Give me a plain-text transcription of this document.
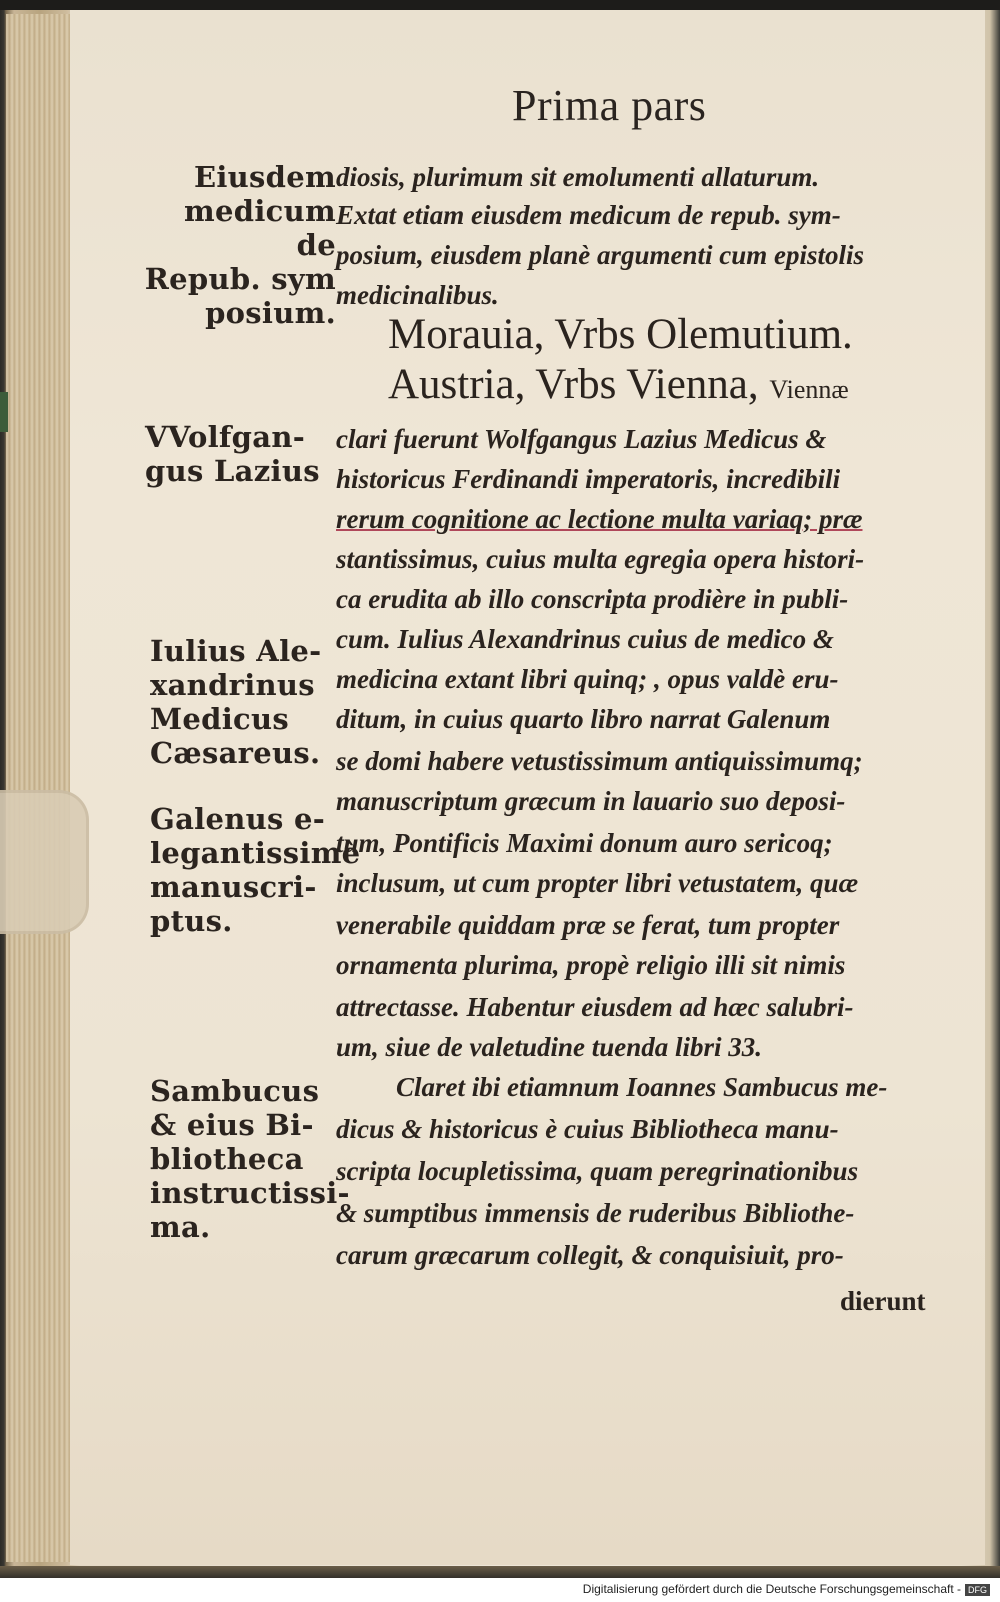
Prima pars
Eiusdem
medicum de
Repub. sym
posium.
VVolfgan-
gus Lazius
Iulius Ale-
xandrinus
Medicus
Cæsareus.
Galenus e-
legantissimè
manuscri-
ptus.
Sambucus
& eius Bi-
bliotheca
instructissi-
ma.
diosis, plurimum sit emolumenti allaturum.
Extat etiam eiusdem medicum de repub. sym-
posium, eiusdem planè argumenti cum epistolis
medicinalibus.
Morauia, Vrbs Olemutium.
Austria, Vrbs Vienna, Viennæ
clari fuerunt Wolfgangus Lazius Medicus &
historicus Ferdinandi imperatoris, incredibili
rerum cognitione ac lectione multa variaq; præ
stantissimus, cuius multa egregia opera histori-
ca erudita ab illo conscripta prodière in publi-
cum. Iulius Alexandrinus cuius de medico &
medicina extant libri quinq; , opus valdè eru-
ditum, in cuius quarto libro narrat Galenum
se domi habere vetustissimum antiquissimumq;
manuscriptum græcum in lauario suo deposi-
tum, Pontificis Maximi donum auro sericoq;
inclusum, ut cum propter libri vetustatem, quæ
venerabile quiddam præ se ferat, tum propter
ornamenta plurima, propè religio illi sit nimis
attrectasse. Habentur eiusdem ad hæc salubri-
um, siue de valetudine tuenda libri 33.
Claret ibi etiamnum Ioannes Sambucus me-
dicus & historicus è cuius Bibliotheca manu-
scripta locupletissima, quam peregrinationibus
& sumptibus immensis de ruderibus Bibliothe-
carum græcarum collegit, & conquisiuit, pro-
dierunt
Digitalisierung gefördert durch die Deutsche Forschungsgemeinschaft - DFG
